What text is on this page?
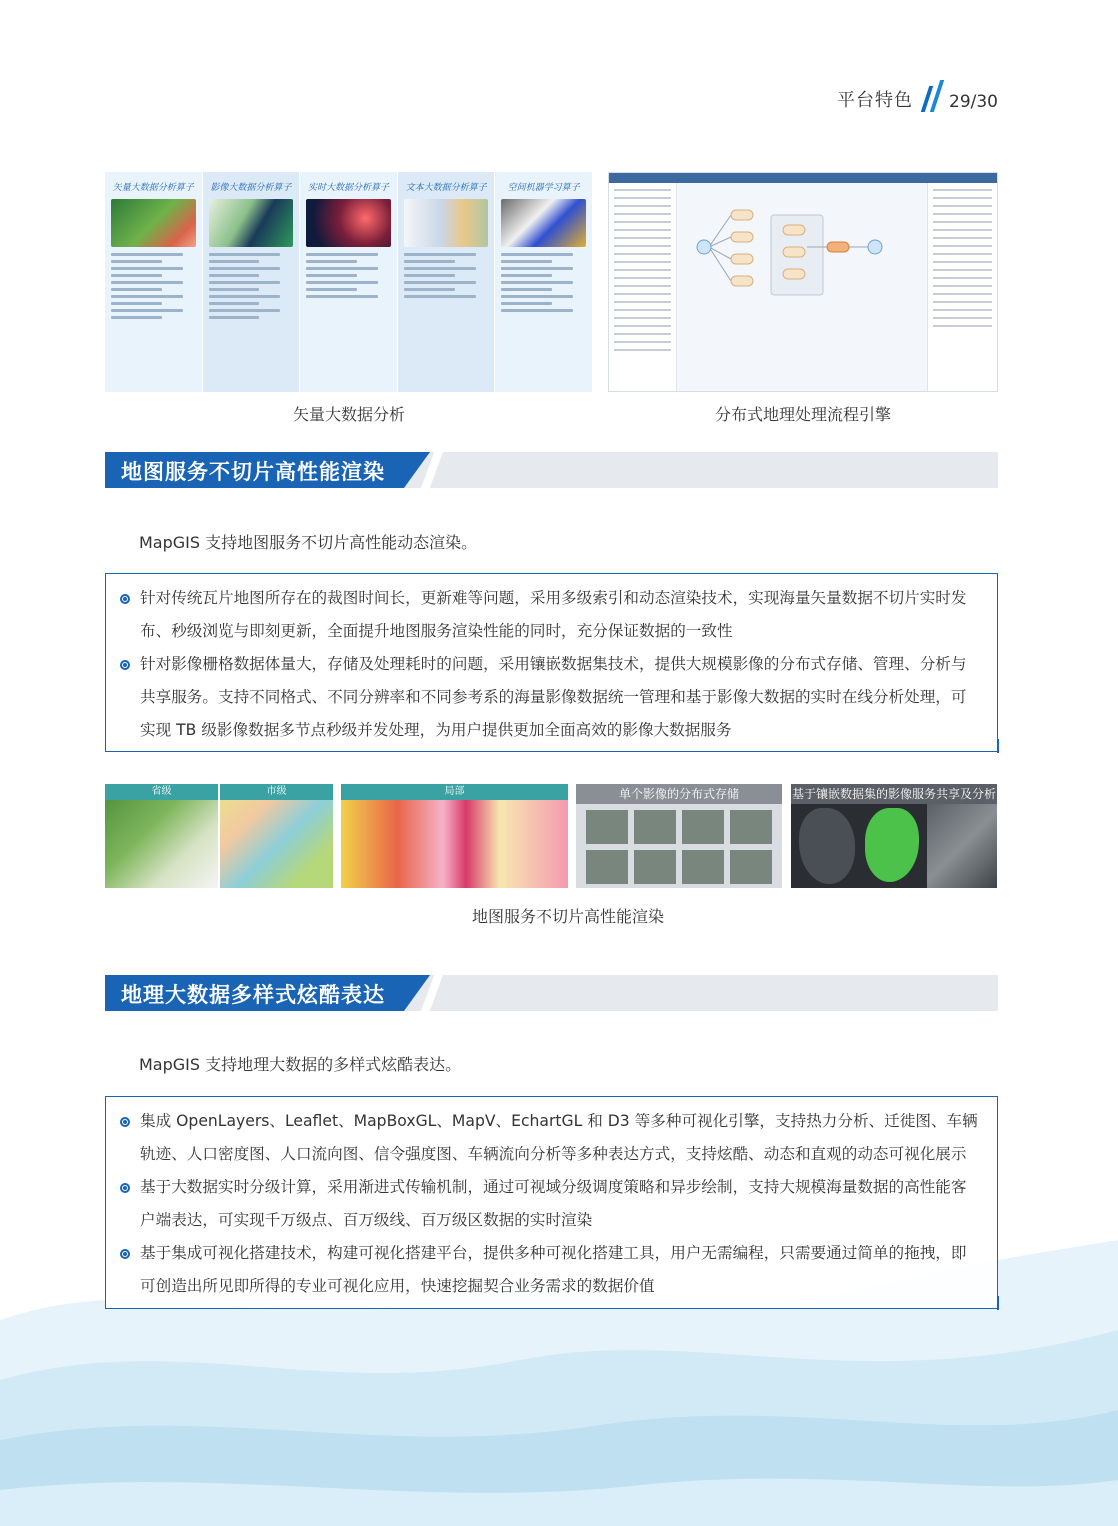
平台特色 29/30
矢量大数据分析算子 影像大数据分析算子 实时大数据分析算子 文本大数据分析算子	空间机器学习算子
矢量大数据分析	分布式地理处理流程引擎
地图服务不切片高性能渲染
MapGIS 支持地图服务不切片高性能动态渲染。
针对传统瓦片地图所存在的裁图时间长，更新难等问题，采用多级索引和动态渲染技术，实现海量矢量数据不切片实时发布、秒级浏览与即刻更新，全面提升地图服务渲染性能的同时，充分保证数据的一致性
针对影像栅格数据体量大，存储及处理耗时的问题，采用镶嵌数据集技术，提供大规模影像的分布式存储、管理、分析与共享服务。支持不同格式、不同分辨率和不同参考系的海量影像数据统一管理和基于影像大数据的实时在线分析处理，可实现 TB 级影像数据多节点秒级并发处理，为用户提供更加全面高效的影像大数据服务
省级	市级	局部	单个影像的分布式存储	基于镶嵌数据集的影像服务共享及分析
地图服务不切片高性能渲染
地理大数据多样式炫酷表达
MapGIS 支持地理大数据的多样式炫酷表达。
集成 OpenLayers、Leaflet、MapBoxGL、MapV、EchartGL 和 D3 等多种可视化引擎，支持热力分析、迁徙图、车辆轨迹、人口密度图、人口流向图、信令强度图、车辆流向分析等多种表达方式，支持炫酷、动态和直观的动态可视化展示
基于大数据实时分级计算，采用渐进式传输机制，通过可视域分级调度策略和异步绘制，支持大规模海量数据的高性能客户端表达，可实现千万级点、百万级线、百万级区数据的实时渲染
基于集成可视化搭建技术，构建可视化搭建平台，提供多种可视化搭建工具，用户无需编程，只需要通过简单的拖拽，即可创造出所见即所得的专业可视化应用，快速挖掘契合业务需求的数据价值
